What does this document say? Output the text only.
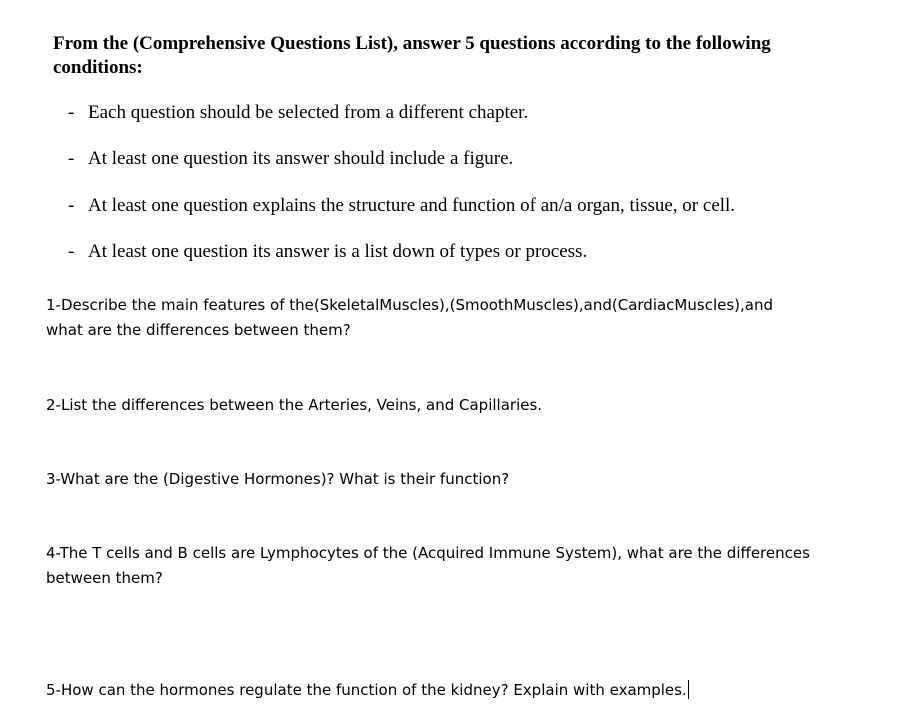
From the (Comprehensive Questions List), answer 5 questions according to the following conditions:
- Each question should be selected from a different chapter.
- At least one question its answer should include a figure.
- At least one question explains the structure and function of an/a organ, tissue, or cell.
- At least one question its answer is a list down of types or process.

1-Describe the main features of the(SkeletalMuscles),(SmoothMuscles),and(CardiacMuscles),and what are the differences between them?

2-List the differences between the Arteries, Veins, and Capillaries.

3-What are the (Digestive Hormones)? What is their function?

4-The T cells and B cells are Lymphocytes of the (Acquired Immune System), what are the differences between them?

5-How can the hormones regulate the function of the kidney? Explain with examples.
